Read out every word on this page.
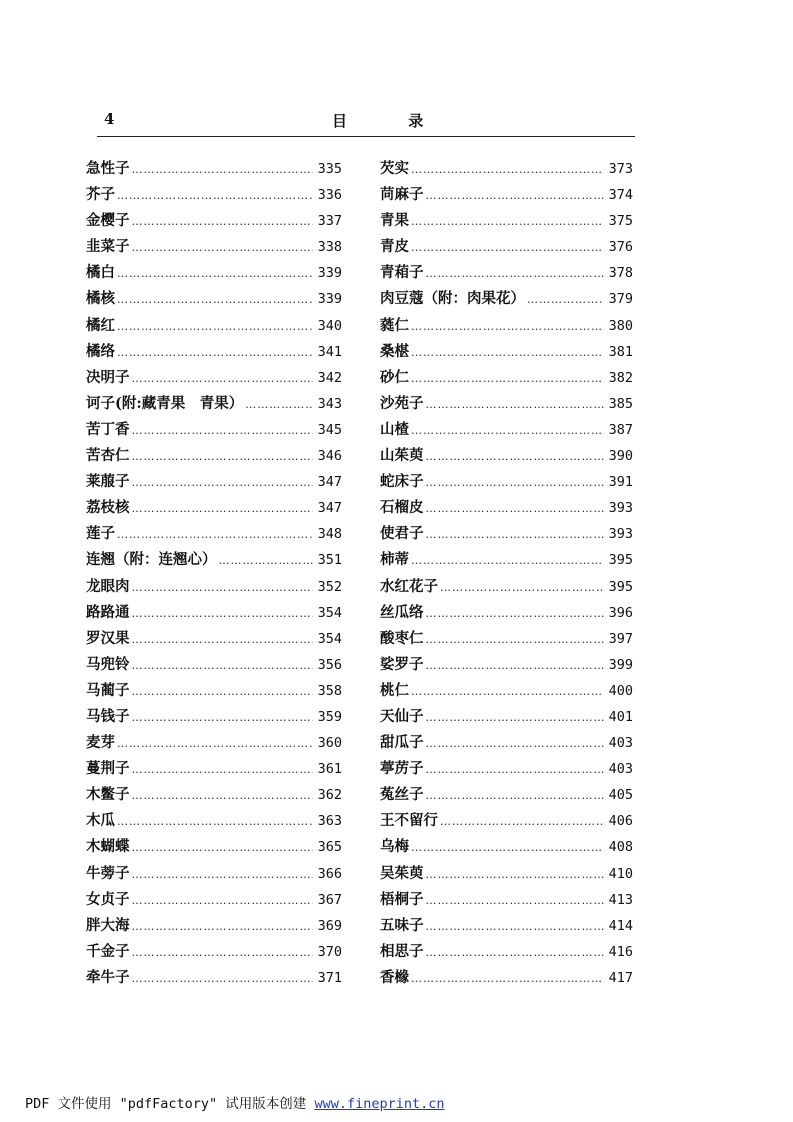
4	目 录
急性子 …………………………………………………………………………………………………………	335
芥子 …………………………………………………………………………………………………………	336
金樱子 …………………………………………………………………………………………………………	337
韭菜子 …………………………………………………………………………………………………………	338
橘白 …………………………………………………………………………………………………………	339
橘核 …………………………………………………………………………………………………………	339
橘红 …………………………………………………………………………………………………………	340
橘络 …………………………………………………………………………………………………………	341
决明子 …………………………………………………………………………………………………………	342
诃子(附:藏青果　青果） …………………………………………………………………………………………………………	343
苦丁香 …………………………………………………………………………………………………………	345
苦杏仁 …………………………………………………………………………………………………………	346
莱菔子 …………………………………………………………………………………………………………	347
荔枝核 …………………………………………………………………………………………………………	347
莲子 …………………………………………………………………………………………………………	348
连翘（附：连翘心） …………………………………………………………………………………………………………	351
龙眼肉 …………………………………………………………………………………………………………	352
路路通 …………………………………………………………………………………………………………	354
罗汉果 …………………………………………………………………………………………………………	354
马兜铃 …………………………………………………………………………………………………………	356
马蔺子 …………………………………………………………………………………………………………	358
马钱子 …………………………………………………………………………………………………………	359
麦芽 …………………………………………………………………………………………………………	360
蔓荆子 …………………………………………………………………………………………………………	361
木鳖子 …………………………………………………………………………………………………………	362
木瓜 …………………………………………………………………………………………………………	363
木蝴蝶 …………………………………………………………………………………………………………	365
牛蒡子 …………………………………………………………………………………………………………	366
女贞子 …………………………………………………………………………………………………………	367
胖大海 …………………………………………………………………………………………………………	369
千金子 …………………………………………………………………………………………………………	370
牵牛子 …………………………………………………………………………………………………………	371
芡实 …………………………………………………………………………………………………………	373
苘麻子 …………………………………………………………………………………………………………	374
青果 …………………………………………………………………………………………………………	375
青皮 …………………………………………………………………………………………………………	376
青葙子 …………………………………………………………………………………………………………	378
肉豆蔻（附：肉果花） …………………………………………………………………………………………………………	379
蕤仁 …………………………………………………………………………………………………………	380
桑椹 …………………………………………………………………………………………………………	381
砂仁 …………………………………………………………………………………………………………	382
沙苑子 …………………………………………………………………………………………………………	385
山楂 …………………………………………………………………………………………………………	387
山茱萸 …………………………………………………………………………………………………………	390
蛇床子 …………………………………………………………………………………………………………	391
石榴皮 …………………………………………………………………………………………………………	393
使君子 …………………………………………………………………………………………………………	393
柿蒂 …………………………………………………………………………………………………………	395
水红花子 …………………………………………………………………………………………………………	395
丝瓜络 …………………………………………………………………………………………………………	396
酸枣仁 …………………………………………………………………………………………………………	397
娑罗子 …………………………………………………………………………………………………………	399
桃仁 …………………………………………………………………………………………………………	400
天仙子 …………………………………………………………………………………………………………	401
甜瓜子 …………………………………………………………………………………………………………	403
葶苈子 …………………………………………………………………………………………………………	403
菟丝子 …………………………………………………………………………………………………………	405
王不留行 …………………………………………………………………………………………………………	406
乌梅 …………………………………………………………………………………………………………	408
吴茱萸 …………………………………………………………………………………………………………	410
梧桐子 …………………………………………………………………………………………………………	413
五味子 …………………………………………………………………………………………………………	414
相思子 …………………………………………………………………………………………………………	416
香橼 …………………………………………………………………………………………………………	417
PDF 文件使用 "pdfFactory" 试用版本创建 www.fineprint.cn
